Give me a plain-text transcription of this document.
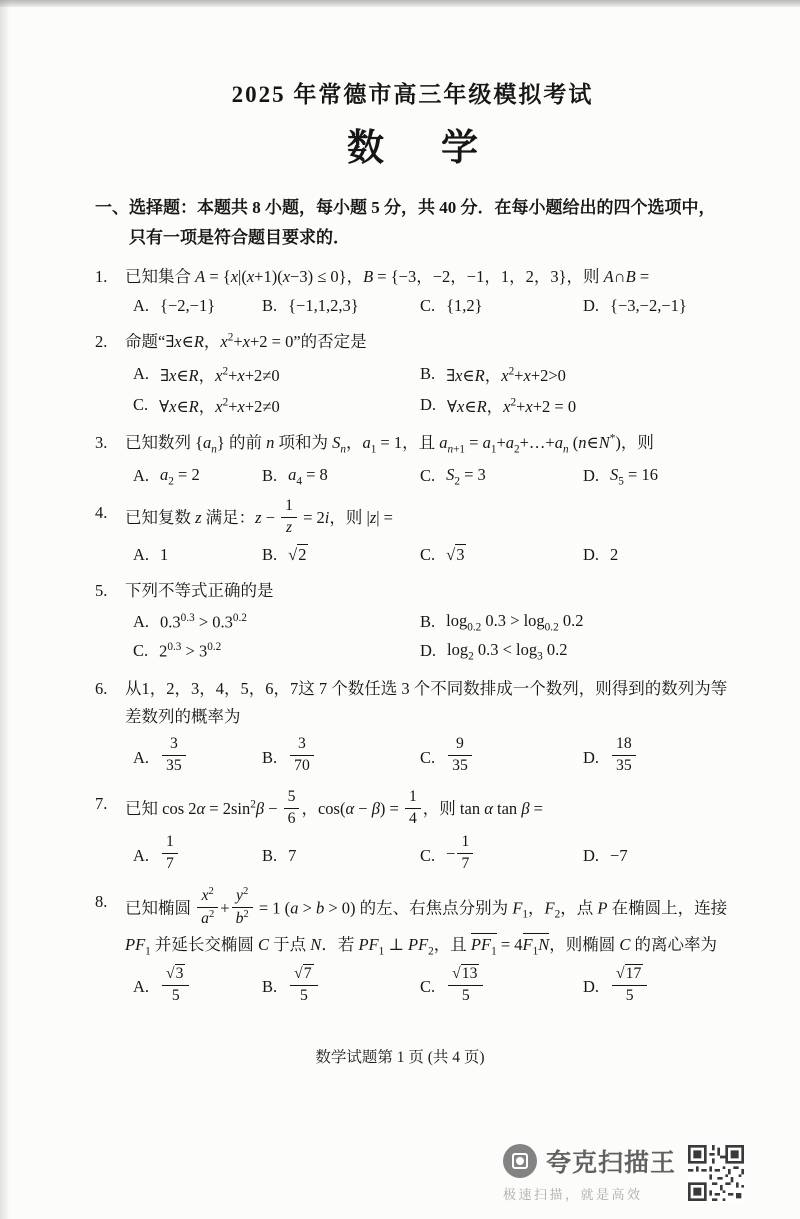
2025 年常德市高三年级模拟考试
数　学
一、 选择题：本题共 8 小题，每小题 5 分，共 40 分．在每小题给出的四个选项中，只有一项是符合题目要求的．
1.	已知集合 A = {x|(x+1)(x−3) ≤ 0}，B = {−3，−2，−1，1，2，3}，则 A∩B =
A. {−2,−1}	B. {−1,1,2,3}	C. {1,2}	D. {−3,−2,−1}
2.	命题“∃x∈R，$x^2+x+2 = 0$”的否定是
A. ∃x∈R，$x^2+x+2\ne 0$	B. ∃x∈R，$x^2+x+2>0$
C. ∀x∈R，$x^2+x+2\ne 0$	D. ∀x∈R，$x^2+x+2 = 0$
3.	已知数列 $\{a_n\}$ 的前 n 项和为 $S_n$，$a_1 = 1$，且 $a_{n+1}$ = $a_1+a_2+\dots+a_n$ (n∈N*)，则
A. $a_2 = 2$	B. $a_4 = 8$	C. $S_2 = 3$	D. $S_5 = 16$
4.	已知复数 z 满足：$z - \frac{1}{z} = 2i$，则 |z| =
A. 1	B. √2	C. √3	D. 2
5.	下列不等式正确的是
A. $0.3^{0.3} > 0.3^{0.2}$	B. $\log_{0.2} 0.3 > \log_{0.2} 0.2$
C. $2^{0.3} > 3^{0.2}$	D. $\log_2 0.3 < \log_3 0.2$
6.	从1，2，3，4，5，6，7这 7 个数任选 3 个不同数排成一个数列，则得到的数列为等差数列的概率为
A. $\frac{3}{35}$	B. $\frac{3}{70}$	C. $\frac{9}{35}$	D. $\frac{18}{35}$
7.	已知 $\cos 2\alpha = 2\sin^2\beta - \frac{5}{6}$ ，$\cos(\alpha - \beta) = \frac{1}{4}$ ，则 tan α tan β =
A. $\frac{1}{7}$	B. 7	C. − $\frac{1}{7}$	D. −7
8.	已知椭圆 $\frac{x^2}{a^2} + \frac{y^2}{b^2} = 1$ (a > b > 0) 的左、右焦点分别为 $F_1$，$F_2$，点 P 在椭圆上，连接 $PF_1$ 并延长交椭圆 C 于点 N．若 $PF_1$ ⊥ $PF_2$，且 $PF_1 = 4F_1N$，则椭圆 C 的离心率为
A. $\frac{√3}{5}$	B. $\frac{√7}{5}$	C. $\frac{√13}{5}$	D. $\frac{√17}{5}$
数学试题第 1 页 (共 4 页)
夸克扫描王
极速扫描，就是高效
